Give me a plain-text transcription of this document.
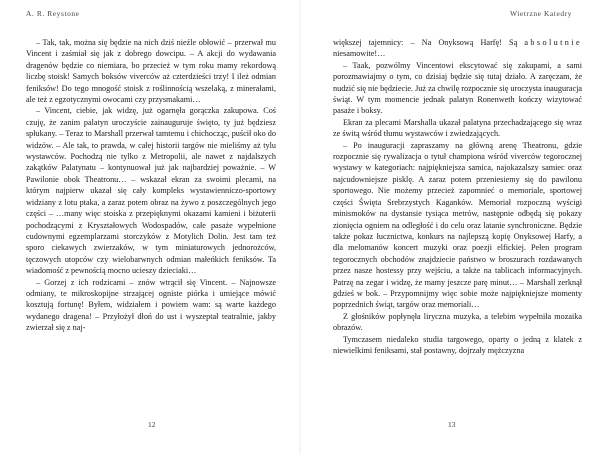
A. R. Reystone

– Tak, tak, można się będzie na nich dziś nieźle obłowić – przerwał mu Vincent i zaśmiał się jak z dobrego dowcipu. – A akcji do wydawania dragenów będzie co niemiara, bo przecież w tym roku mamy rekordową liczbę stoisk! Samych boksów viverców aż czterdzieści trzy! I ileż odmian feniksów! Do tego mnogość stoisk z roślinnością wszelaką, z minerałami, ale też z egzotycznymi owocami czy przysmakami…

– Vincent, ciebie, jak widzę, już ogarnęła gorączka zakupowa. Coś czuję, że zanim palatyn uroczyście zainauguruje święto, ty już będziesz spłukany. – Teraz to Marshall przerwał tamtemu i chichocząc, puścił oko do widzów. – Ale tak, to prawda, w całej historii targów nie mieliśmy aż tylu wystawców. Pochodzą nie tylko z Metropolii, ale nawet z najdalszych zakątków Palatynatu – kontynuował już jak najbardziej poważnie. – W Pawilonie obok Theatronu… – wskazał ekran za swoimi plecami, na którym najpierw ukazał się cały kompleks wystawienniczo-sportowy widziany z lotu ptaka, a zaraz potem obraz na żywo z poszczególnych jego części – …many więc stoiska z przepięknymi okazami kamieni i biżuterii pochodzącymi z Kryształowych Wodospadów, całe pasaże wypełnione cudownymi egzemplarzami storczyków z Motylich Dolin. Jest tam też sporo ciekawych zwierzaków, w tym miniaturowych jednorożców, tęczowych utopców czy wielobarwnych odmian małeńkich feniksów. Ta wiadomość z pewnością mocno ucieszy dzieciaki…

– Gorzej z ich rodzicami – znów wtrącił się Vincent. – Najnowsze odmiany, te mikroskopijne strzającej ogniste piórka i umiejące mówić kosztują fortunę! Byłem, widziałem i powiem wam: są warte każdego wydanego dragena! – Przyłożył dłoń do ust i wyszeptał teatralnie, jakby zwierzał się z naj-

12
Wietrzne Katedry

większej tajemnicy: – Na Onyksową Harfę! Są absolutnie niesamowite!…

– Taak, pozwólmy Vincentowi ekscytować się zakupami, a sami porozmawiajmy o tym, co dzisiaj będzie się tutaj działo. A zaręczam, że nudzić się nie będziecie. Już za chwilę rozpocznie się uroczysta inauguracja świąt. W tym momencie jednak palatyn Ronenweth kończy wizytować pasaże i boksy.

Ekran za plecami Marshalla ukazał palatyna przechadzającego się wraz ze świtą wśród tłumu wystawców i zwiedzających.

– Po inauguracji zapraszamy na główną arenę Theatronu, gdzie rozpocznie się rywalizacja o tytuł championa wśród viverców tegorocznej wystawy w kategoriach: najpiękniejsza samica, najokazalszy samiec oraz najcudowniejsze pisklę. A zaraz potem przeniesiemy się do pawilonu sportowego. Nie możemy przecież zapomnieć o memoriale, sportowej części Święta Srebrzystych Kaganków. Memoriał rozpoczną wyścigi minismoków na dystansie tysiąca metrów, następnie odbędą się pokazy zionięcia ogniem na odległość i do celu oraz latanie synchroniczne. Będzie także pokaz łucznictwa, konkurs na najlepszą kopię Onyksowej Harfy, a dla melomanów koncert muzyki oraz poezji elfickiej. Pełen program tegorocznych obchodów znajdziecie państwo w broszurach rozdawanych przez nasze hostessy przy wejściu, a także na tablicach informacyjnych. Patrzę na zegar i widzę, że mamy jeszcze parę minut… – Marshall zerknął gdzieś w bok. – Przypomnijmy więc sobie może najpiękniejsze momenty poprzednich świąt, targów oraz memoriali…

Z głośników popłynęła liryczna muzyka, a telebim wypełniła mozaika obrazów.

Tymczasem niedaleko studia targowego, oparty o jedną z klatek z niewielkimi feniksami, stał postawny, dojrzały mężczyzna

13
